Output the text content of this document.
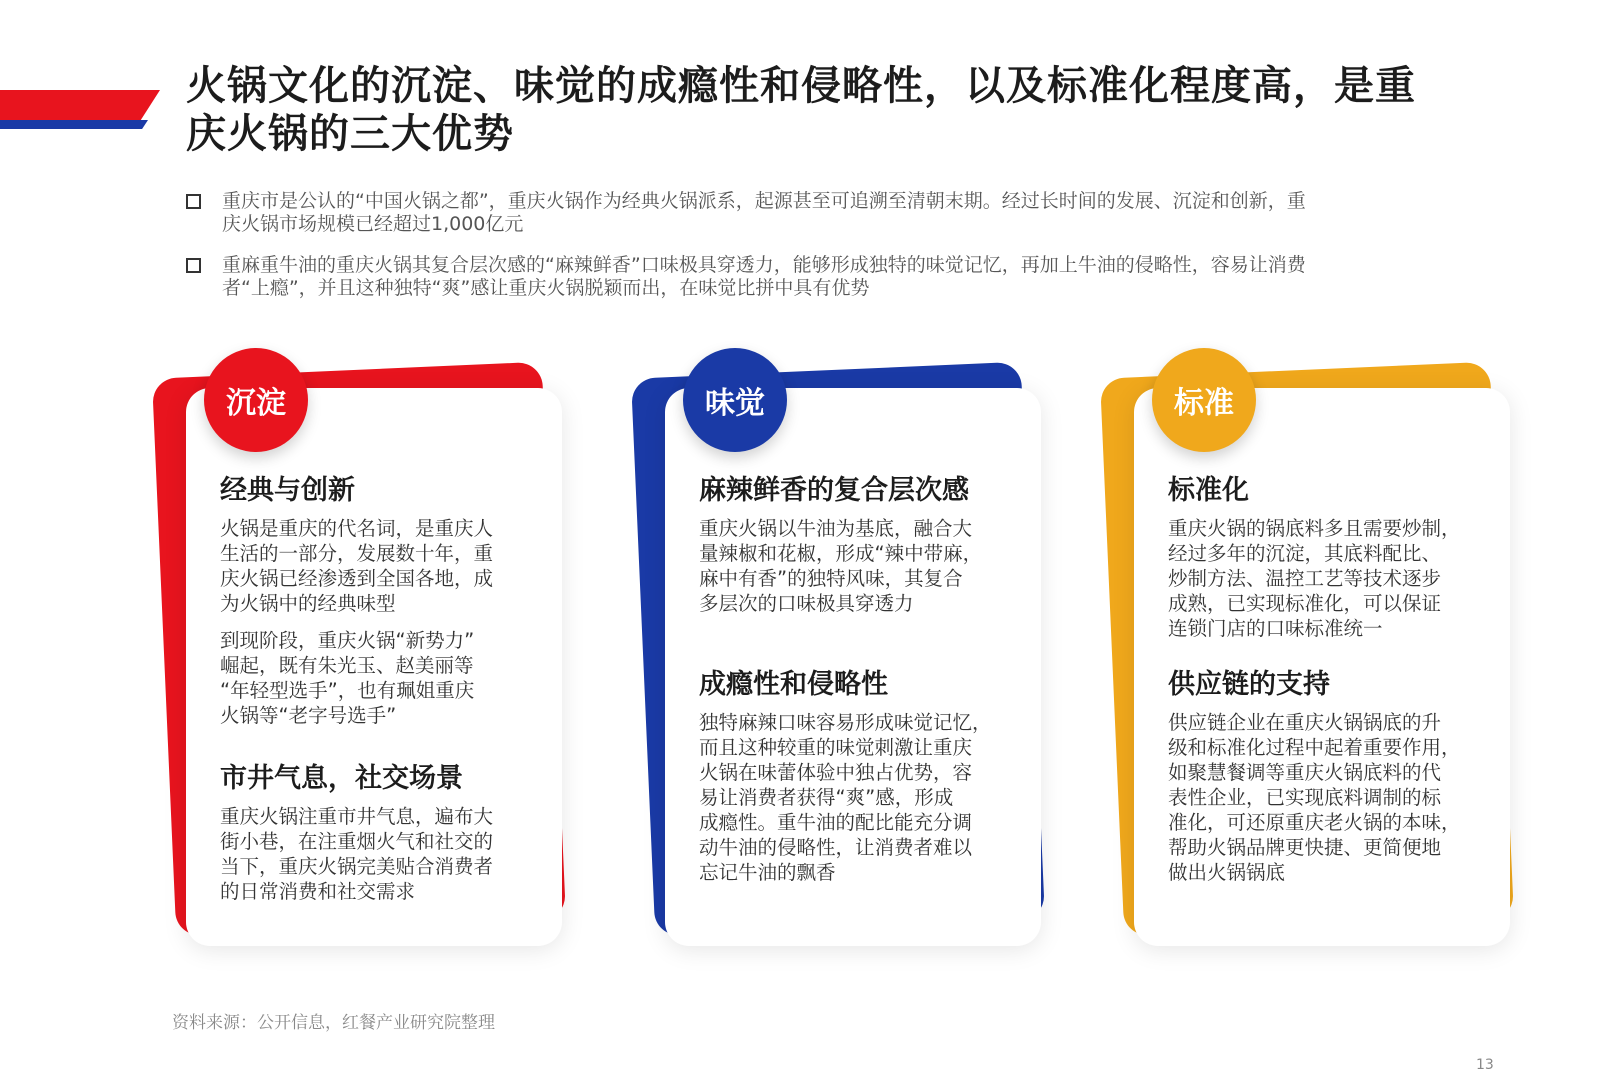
火锅文化的沉淀、味觉的成瘾性和侵略性，以及标准化程度高，是重
庆火锅的三大优势
重庆市是公认的“中国火锅之都”，重庆火锅作为经典火锅派系，起源甚至可追溯至清朝末期。经过长时间的发展、沉淀和创新，重
庆火锅市场规模已经超过1,000亿元
重麻重牛油的重庆火锅其复合层次感的“麻辣鲜香”口味极具穿透力，能够形成独特的味觉记忆，再加上牛油的侵略性，容易让消费
者“上瘾”，并且这种独特“爽”感让重庆火锅脱颖而出，在味觉比拼中具有优势
沉淀
经典与创新
火锅是重庆的代名词，是重庆人
生活的一部分，发展数十年，重
庆火锅已经渗透到全国各地，成
为火锅中的经典味型
到现阶段，重庆火锅“新势力”
崛起，既有朱光玉、赵美丽等
“年轻型选手”，也有珮姐重庆
火锅等“老字号选手”
市井气息，社交场景
重庆火锅注重市井气息，遍布大
街小巷，在注重烟火气和社交的
当下，重庆火锅完美贴合消费者
的日常消费和社交需求
味觉
麻辣鲜香的复合层次感
重庆火锅以牛油为基底，融合大
量辣椒和花椒，形成“辣中带麻，
麻中有香”的独特风味，其复合
多层次的口味极具穿透力
成瘾性和侵略性
独特麻辣口味容易形成味觉记忆，
而且这种较重的味觉刺激让重庆
火锅在味蕾体验中独占优势，容
易让消费者获得“爽”感，形成
成瘾性。重牛油的配比能充分调
动牛油的侵略性，让消费者难以
忘记牛油的飘香
标准
标准化
重庆火锅的锅底料多且需要炒制，
经过多年的沉淀，其底料配比、
炒制方法、温控工艺等技术逐步
成熟，已实现标准化，可以保证
连锁门店的口味标准统一
供应链的支持
供应链企业在重庆火锅锅底的升
级和标准化过程中起着重要作用，
如聚慧餐调等重庆火锅底料的代
表性企业，已实现底料调制的标
准化，可还原重庆老火锅的本味，
帮助火锅品牌更快捷、更简便地
做出火锅锅底
资料来源：公开信息，红餐产业研究院整理
13
